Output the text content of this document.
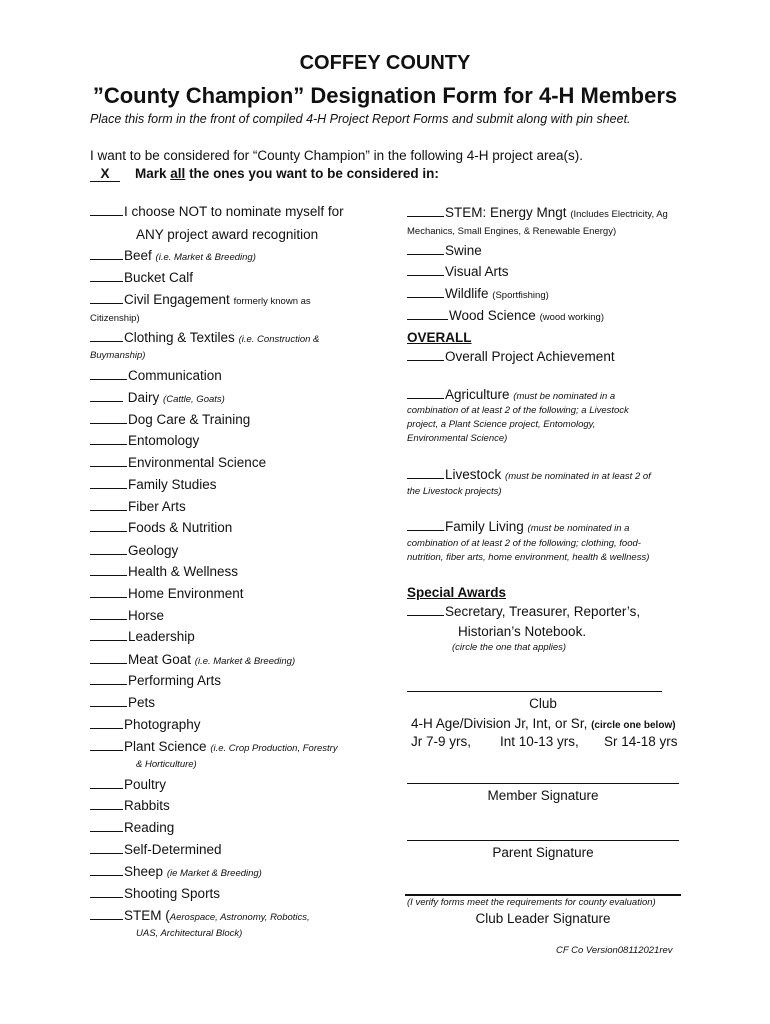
COFFEY COUNTY
”County Champion” Designation Form for 4-H Members
Place this form in the front of compiled 4-H Project Report Forms and submit along with pin sheet.
I want to be considered for “County Champion” in the following 4-H project area(s).
X Mark all the ones you want to be considered in:
I choose NOT to nominate myself for
ANY project award recognition
Beef (i.e. Market & Breeding)
Bucket Calf
Civil Engagement formerly known as
Citizenship)
Clothing & Textiles (i.e. Construction &
Buymanship)
Communication
Dairy (Cattle, Goats)
Dog Care & Training
Entomology
Environmental Science
Family Studies
Fiber Arts
Foods & Nutrition
Geology
Health & Wellness
Home Environment
Horse
Leadership
Meat Goat (i.e. Market & Breeding)
Performing Arts
Pets
Photography
Plant Science (i.e. Crop Production, Forestry
& Horticulture)
Poultry
Rabbits
Reading
Self-Determined
Sheep (ie Market & Breeding)
Shooting Sports
STEM (Aerospace, Astronomy, Robotics,
UAS, Architectural Block)
STEM: Energy Mngt (Includes Electricity, Ag
Mechanics, Small Engines, & Renewable Energy)
Swine
Visual Arts
Wildlife (Sportfishing)
Wood Science (wood working)
OVERALL
Overall Project Achievement
Agriculture (must be nominated in a
combination of at least 2 of the following; a Livestock
project, a Plant Science project, Entomology,
Environmental Science)
Livestock (must be nominated in at least 2 of
the Livestock projects)
Family Living (must be nominated in a
combination of at least 2 of the following; clothing, food-
nutrition, fiber arts, home environment, health & wellness)
Special Awards
Secretary, Treasurer, Reporter’s,
Historian’s Notebook.
(circle the one that applies)
Club
4-H Age/Division Jr, Int, or Sr, (circle one below)
Jr 7-9 yrs, Int 10-13 yrs, Sr 14-18 yrs
Member Signature
Parent Signature
(I verify forms meet the requirements for county evaluation)
Club Leader Signature
CF Co Version08112021rev
